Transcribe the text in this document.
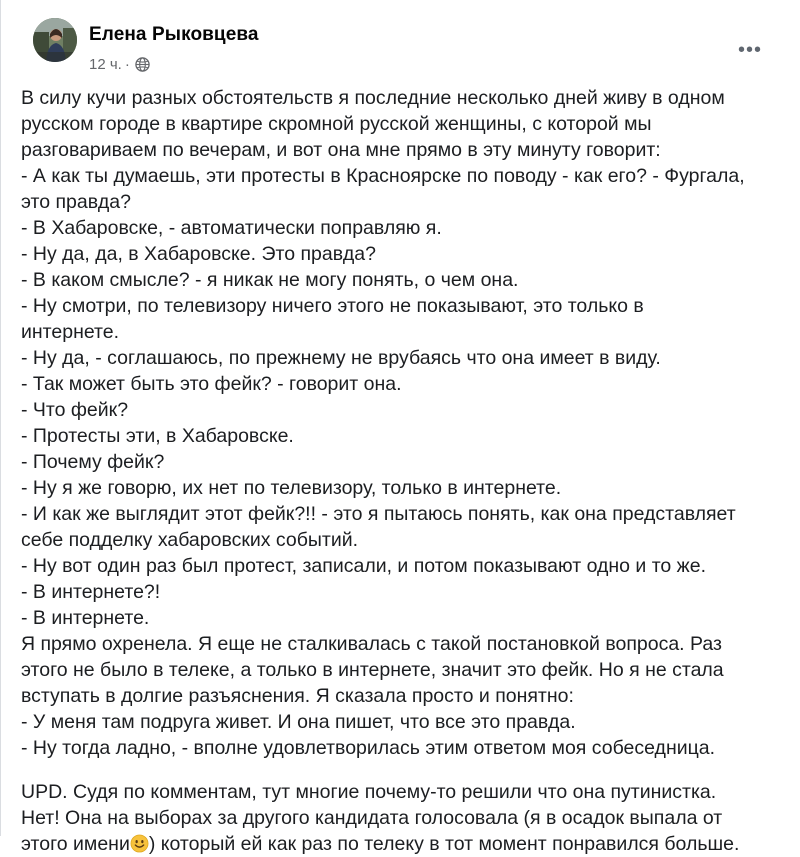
Елена Рыковцева
12 ч. ·
•••
В силу кучи разных обстоятельств я последние несколько дней живу в одном
русском городе в квартире скромной русской женщины, с которой мы
разговариваем по вечерам, и вот она мне прямо в эту минуту говорит:
- А как ты думаешь, эти протесты в Красноярске по поводу - как его? - Фургала,
это правда?
- В Хабаровске, - автоматически поправляю я.
- Ну да, да, в Хабаровске. Это правда?
- В каком смысле? - я никак не могу понять, о чем она.
- Ну смотри, по телевизору ничего этого не показывают, это только в
интернете.
- Ну да, - соглашаюсь, по прежнему не врубаясь что она имеет в виду.
- Так может быть это фейк? - говорит она.
- Что фейк?
- Протесты эти, в Хабаровске.
- Почему фейк?
- Ну я же говорю, их нет по телевизору, только в интернете.
- И как же выглядит этот фейк?!! - это я пытаюсь понять, как она представляет
себе подделку хабаровских событий.
- Ну вот один раз был протест, записали, и потом показывают одно и то же.
- В интернете?!
- В интернете.
Я прямо охренела. Я еще не сталкивалась с такой постановкой вопроса. Раз
этого не было в телеке, а только в интернете, значит это фейк. Но я не стала
вступать в долгие разъяснения. Я сказала просто и понятно:
- У меня там подруга живет. И она пишет, что все это правда.
- Ну тогда ладно, - вполне удовлетворилась этим ответом моя собеседница.
UPD. Судя по комментам, тут многие почему-то решили что она путинистка.
Нет! Она на выборах за другого кандидата голосовала (я в осадок выпала от
этого имени ) который ей как раз по телеку в тот момент понравился больше.
